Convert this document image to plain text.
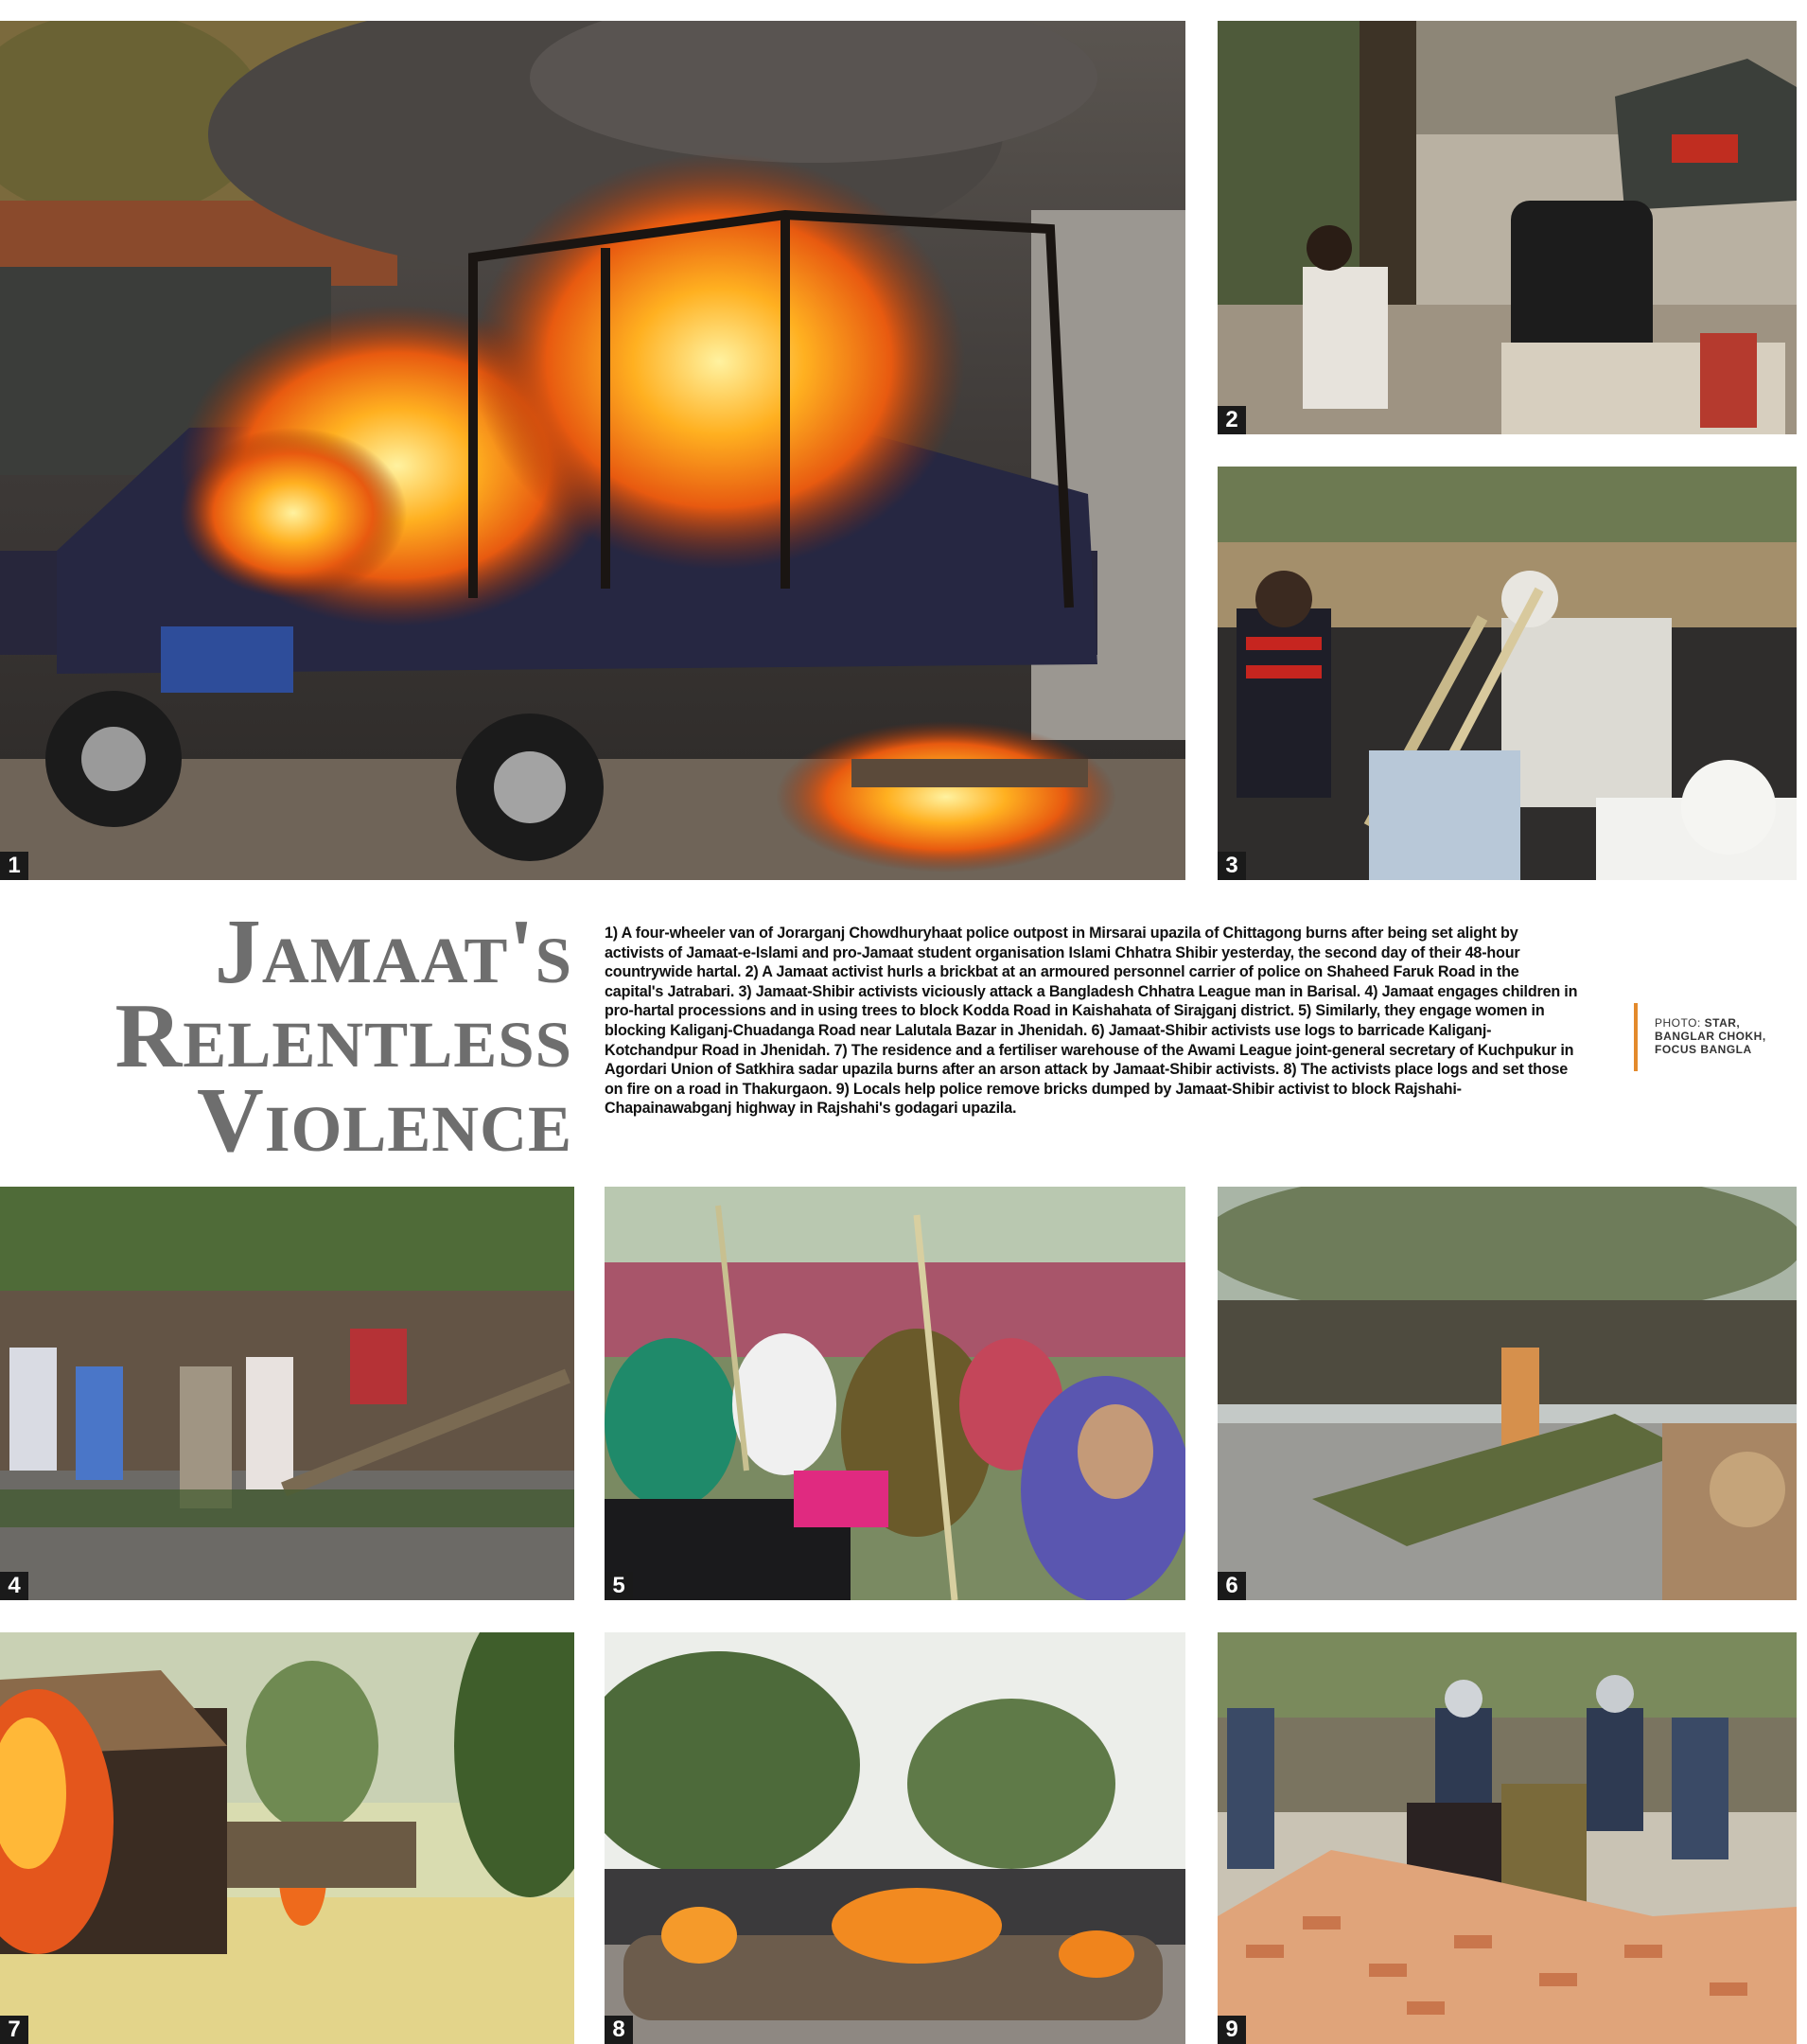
1
2
3
4	5	6
7	8	9
Jamaat's
Relentless
Violence
1) A four-wheeler van of Jorarganj Chowdhuryhaat police outpost in Mirsarai upazila of Chittagong burns after being set alight by activists of Jamaat-e-Islami and pro-Jamaat student organisation Islami Chhatra Shibir yesterday, the second day of their 48-hour countrywide hartal. 2) A Jamaat activist hurls a brickbat at an armoured personnel carrier of police on Shaheed Faruk Road in the capital's Jatrabari. 3) Jamaat-Shibir activists viciously attack a Bangladesh Chhatra League man in Barisal. 4) Jamaat engages children in pro-hartal processions and in using trees to block Kodda Road in Kaishahata of Sirajganj district. 5) Similarly, they engage women in blocking Kaliganj-Chuadanga Road near Lalutala Bazar in Jhenidah. 6) Jamaat-Shibir activists use logs to barricade Kaliganj-Kotchandpur Road in Jhenidah. 7) The residence and a fertiliser warehouse of the Awami League joint-general secretary of Kuchpukur in Agordari Union of Satkhira sadar upazila burns after an arson attack by Jamaat-Shibir activists. 8) The activists place logs and set those on fire on a road in Thakurgaon. 9) Locals help police remove bricks dumped by Jamaat-Shibir activist to block Rajshahi-Chapainawabganj highway in Rajshahi's godagari upazila.
PHOTO: STAR,
BANGLAR CHOKH,
FOCUS BANGLA
